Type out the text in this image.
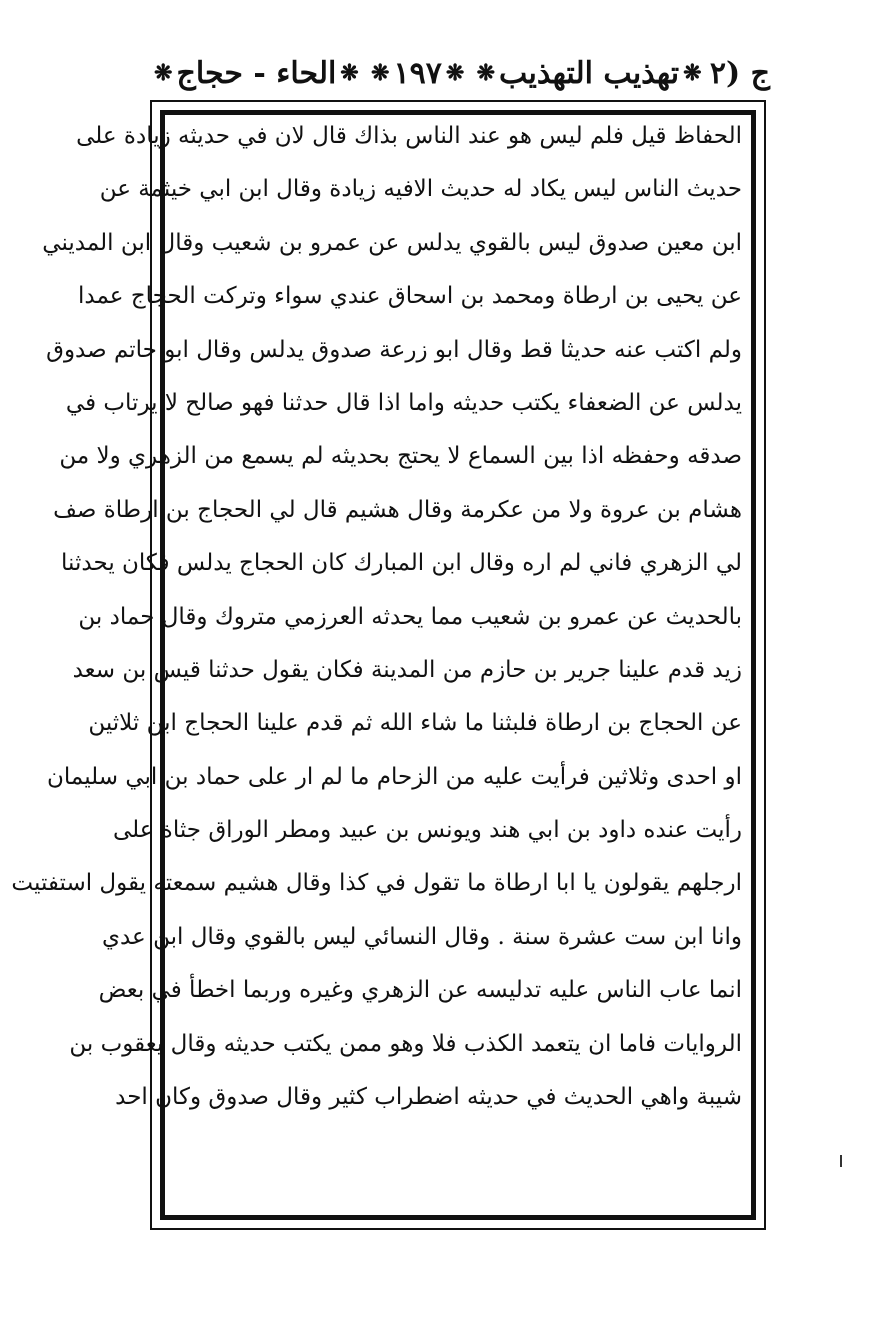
ج (٢
❋
تهذيب التهذيب
❋
❋
١٩٧
❋
❋
الحاء - حجاج
❋
الحفاظ قيل فلم ليس هو عند الناس بذاك قال لان في حديثه زيادة على
حديث الناس ليس يكاد له حديث الافيه زيادة وقال ابن ابي خيثمة عن
ابن معين صدوق ليس بالقوي يدلس عن عمرو بن شعيب وقال ابن المديني
عن يحيى بن ارطاة ومحمد بن اسحاق عندي سواء وتركت الحجاج عمدا
ولم اكتب عنه حديثا قط وقال ابو زرعة صدوق يدلس وقال ابو حاتم صدوق
يدلس عن الضعفاء يكتب حديثه واما اذا قال حدثنا فهو صالح لا يرتاب في
صدقه وحفظه اذا بين السماع لا يحتج بحديثه لم يسمع من الزهري ولا من
هشام بن عروة ولا من عكرمة وقال هشيم قال لي الحجاج بن ارطاة صف
لي الزهري فاني لم اره وقال ابن المبارك كان الحجاج يدلس فكان يحدثنا
بالحديث عن عمرو بن شعيب مما يحدثه العرزمي متروك وقال حماد بن
زيد قدم علينا جرير بن حازم من المدينة فكان يقول حدثنا قيس بن سعد
عن الحجاج بن ارطاة فلبثنا ما شاء الله ثم قدم علينا الحجاج ابن ثلاثين
او احدى وثلاثين فرأيت عليه من الزحام ما لم ار على حماد بن ابي سليمان
رأيت عنده داود بن ابي هند ويونس بن عبيد ومطر الوراق جثاة على
ارجلهم يقولون يا ابا ارطاة ما تقول في كذا وقال هشيم سمعته يقول استفتيت
وانا ابن ست عشرة سنة . وقال النسائي ليس بالقوي وقال ابن عدي
انما عاب الناس عليه تدليسه عن الزهري وغيره وربما اخطأ في بعض
الروايات فاما ان يتعمد الكذب فلا وهو ممن يكتب حديثه وقال يعقوب بن
شيبة واهي الحديث في حديثه اضطراب كثير وقال صدوق وكان احد
